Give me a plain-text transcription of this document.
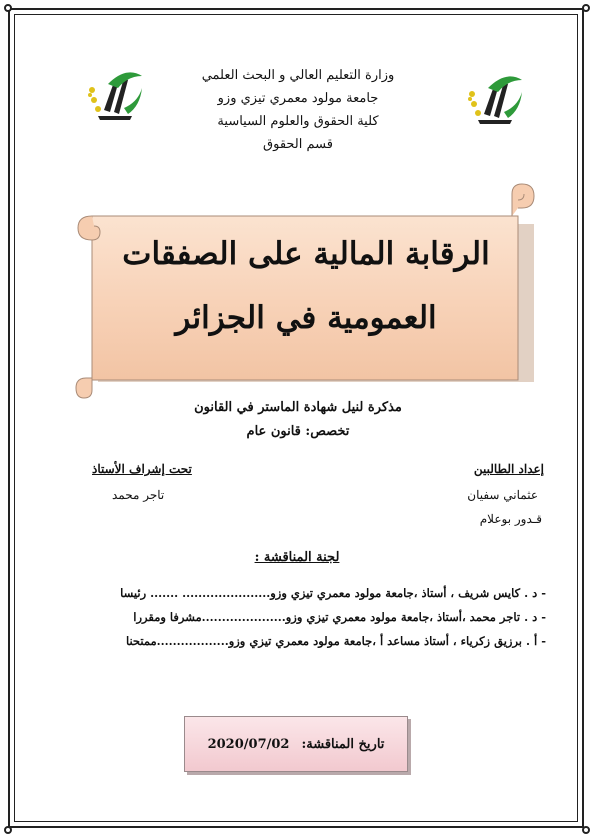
وزارة التعليم العالي و البحث العلمي
جامعة مولود معمري تيزي وزو
كلية الحقوق والعلوم السياسية
قسم الحقوق
الرقابة المالية على الصفقات
العمومية في الجزائر
مذكرة لنيل شهادة الماستر في القانون
تخصص: قانون عام
إعداد الطالبين
تحت إشراف الأستاذ
عثماني سفيان
قـدور بوعلام
تاجر محمد
لجنة المناقشة :
- د . كايس شريف ، أستاذ ،جامعة مولود معمري تيزي وزو...................... ....... رئيسا
- د . تاجر محمد ،أستاذ ،جامعة مولود معمري تيزي وزو.....................مشرفا ومقررا
- أ . برزيق زكرياء ، أستاذ مساعد أ ،جامعة مولود معمري تيزي وزو..................ممتحنا
تاريخ المناقشة:
2020/07/02
